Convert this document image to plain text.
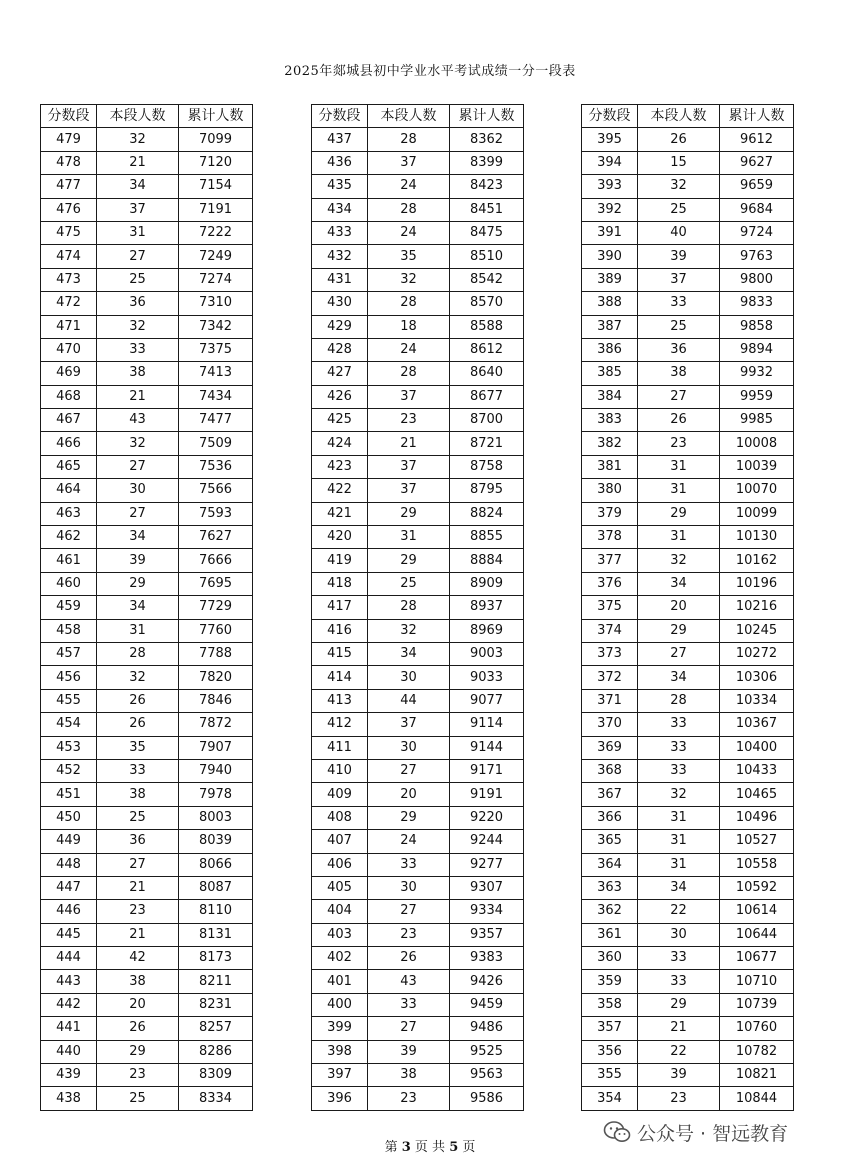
2025年郯城县初中学业水平考试成绩一分一段表
分数段	本段人数	累计人数
479	32	7099
478	21	7120
477	34	7154
476	37	7191
475	31	7222
474	27	7249
473	25	7274
472	36	7310
471	32	7342
470	33	7375
469	38	7413
468	21	7434
467	43	7477
466	32	7509
465	27	7536
464	30	7566
463	27	7593
462	34	7627
461	39	7666
460	29	7695
459	34	7729
458	31	7760
457	28	7788
456	32	7820
455	26	7846
454	26	7872
453	35	7907
452	33	7940
451	38	7978
450	25	8003
449	36	8039
448	27	8066
447	21	8087
446	23	8110
445	21	8131
444	42	8173
443	38	8211
442	20	8231
441	26	8257
440	29	8286
439	23	8309
438	25	8334
分数段	本段人数	累计人数
437	28	8362
436	37	8399
435	24	8423
434	28	8451
433	24	8475
432	35	8510
431	32	8542
430	28	8570
429	18	8588
428	24	8612
427	28	8640
426	37	8677
425	23	8700
424	21	8721
423	37	8758
422	37	8795
421	29	8824
420	31	8855
419	29	8884
418	25	8909
417	28	8937
416	32	8969
415	34	9003
414	30	9033
413	44	9077
412	37	9114
411	30	9144
410	27	9171
409	20	9191
408	29	9220
407	24	9244
406	33	9277
405	30	9307
404	27	9334
403	23	9357
402	26	9383
401	43	9426
400	33	9459
399	27	9486
398	39	9525
397	38	9563
396	23	9586
分数段	本段人数	累计人数
395	26	9612
394	15	9627
393	32	9659
392	25	9684
391	40	9724
390	39	9763
389	37	9800
388	33	9833
387	25	9858
386	36	9894
385	38	9932
384	27	9959
383	26	9985
382	23	10008
381	31	10039
380	31	10070
379	29	10099
378	31	10130
377	32	10162
376	34	10196
375	20	10216
374	29	10245
373	27	10272
372	34	10306
371	28	10334
370	33	10367
369	33	10400
368	33	10433
367	32	10465
366	31	10496
365	31	10527
364	31	10558
363	34	10592
362	22	10614
361	30	10644
360	33	10677
359	33	10710
358	29	10739
357	21	10760
356	22	10782
355	39	10821
354	23	10844
第 3 页 共 5 页
公众号 · 智远教育
